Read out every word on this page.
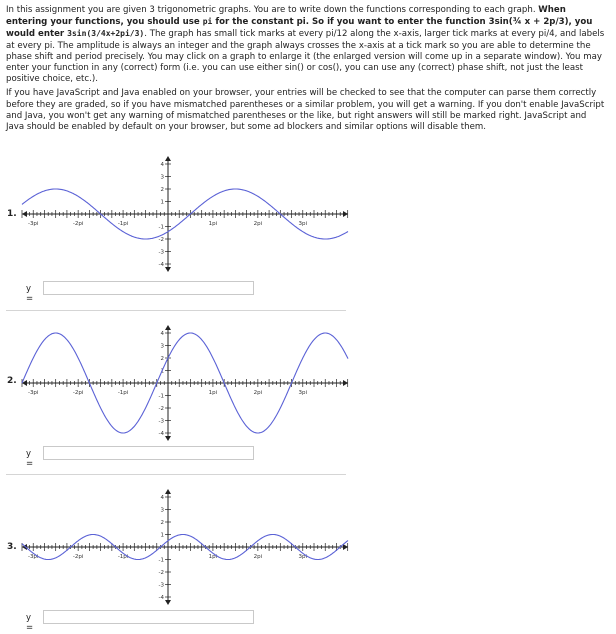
In this assignment you are given 3 trigonometric graphs. You are to write down the functions corresponding to each graph. When entering your functions, you should use pi for the constant pi. So if you want to enter the function 3sin(¾ x + 2p/3), you would enter 3sin(3/4x+2pi/3). The graph has small tick marks at every pi/12 along the x-axis, larger tick marks at every pi/4, and labels at every pi. The amplitude is always an integer and the graph always crosses the x-axis at a tick mark so you are able to determine the phase shift and period precisely. You may click on a graph to enlarge it (the enlarged version will come up in a separate window). You may enter your function in any (correct) form (i.e. you can use either sin() or cos(), you can use any (correct) phase shift, not just the least positive choice, etc.).

If you have JavaScript and Java enabled on your browser, your entries will be checked to see that the computer can parse them correctly before they are graded, so if you have mismatched parentheses or a similar problem, you will get a warning. If you don't enable JavaScript and Java, you won't get any warning of mismatched parentheses or the like, but right answers will still be marked right. JavaScript and Java should be enabled by default on your browser, but some ad blockers and similar options will disable them.

1.
-3pi	-2pi	-1pi	1pi	2pi	3pi
4
3
2
1
-1
-2
-3
-4
y =
2.
-3pi	-2pi	-1pi	1pi	2pi	3pi
4
3
2
1
-1
-2
-3
-4
y =
3.
-3pi	-2pi	-1pi	1pi	2pi	3pi
4
3
2
1
-1
-2
-3
-4
y =
